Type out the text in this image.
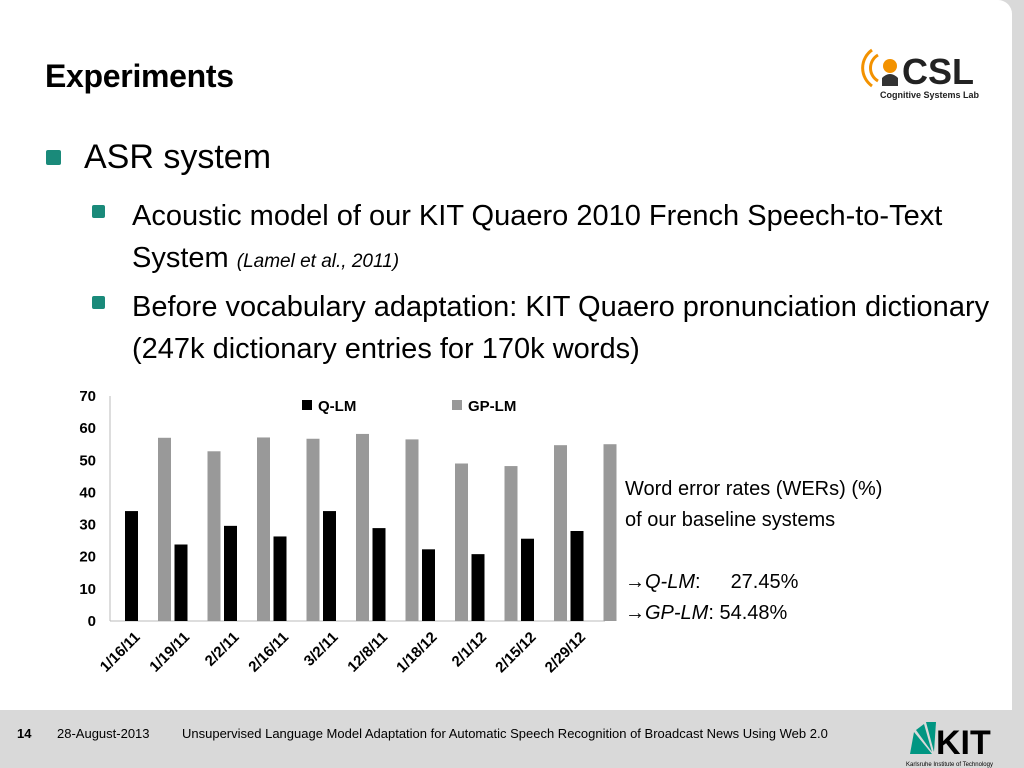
Experiments	CSL
Cognitive Systems Lab
ASR system
Acoustic model of our KIT Quaero 2010 French Speech-to-Text System (Lamel et al., 2011)
Before vocabulary adaptation: KIT Quaero pronunciation dictionary (247k dictionary entries for 170k words)
0
10
20
30
40
50
60
70
1/16/11 1/19/11 2/2/11 2/16/11 3/2/11 12/8/11 1/18/12 2/1/12 2/15/12 2/29/12
Q-LM	GP-LM
Word error rates (WERs) (%)
of our baseline systems
→Q-LM: 27.45%
→GP-LM: 54.48%
14 28-August-2013 Unsupervised Language Model Adaptation for Automatic Speech Recognition of Broadcast News Using Web 2.0	KIT
Karlsruhe Institute of Technology
